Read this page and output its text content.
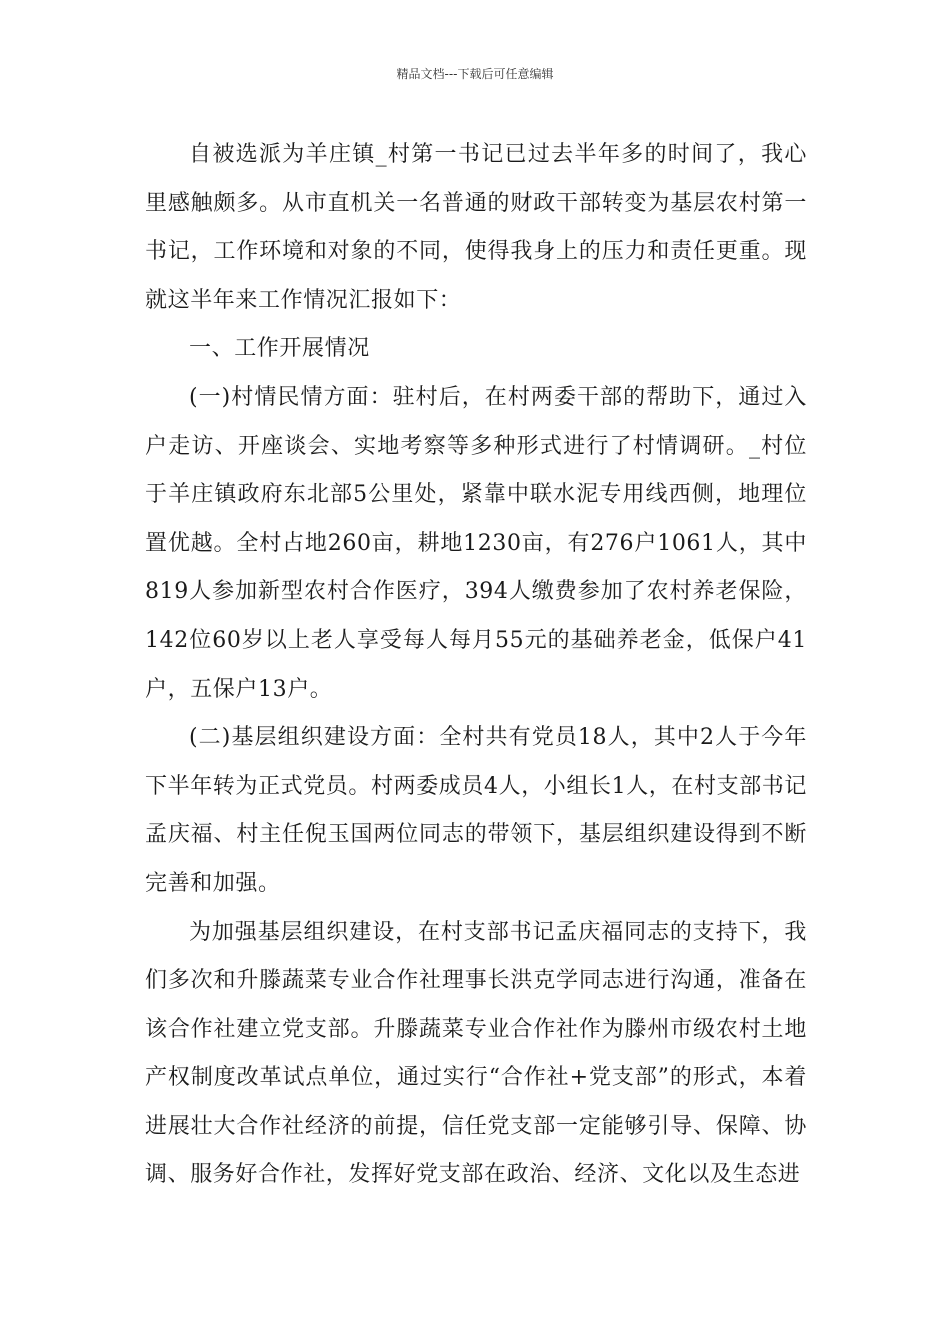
精品文档---下载后可任意编辑

自被选派为羊庄镇_村第一书记已过去半年多的时间了，我心里感触颇多。从市直机关一名普通的财政干部转变为基层农村第一书记，工作环境和对象的不同，使得我身上的压力和责任更重。现就这半年来工作情况汇报如下：

一、工作开展情况

(一)村情民情方面：驻村后，在村两委干部的帮助下，通过入户走访、开座谈会、实地考察等多种形式进行了村情调研。_村位于羊庄镇政府东北部5公里处，紧靠中联水泥专用线西侧，地理位置优越。全村占地260亩，耕地1230亩，有276户1061人，其中819人参加新型农村合作医疗，394人缴费参加了农村养老保险，142位60岁以上老人享受每人每月55元的基础养老金，低保户41户，五保户13户。

(二)基层组织建设方面：全村共有党员18人，其中2人于今年下半年转为正式党员。村两委成员4人，小组长1人，在村支部书记孟庆福、村主任倪玉国两位同志的带领下，基层组织建设得到不断完善和加强。

为加强基层组织建设，在村支部书记孟庆福同志的支持下，我们多次和升滕蔬菜专业合作社理事长洪克学同志进行沟通，准备在该合作社建立党支部。升滕蔬菜专业合作社作为滕州市级农村土地产权制度改革试点单位，通过实行“合作社+党支部”的形式，本着进展壮大合作社经济的前提，信任党支部一定能够引导、保障、协调、服务好合作社，发挥好党支部在政治、经济、文化以及生态进
